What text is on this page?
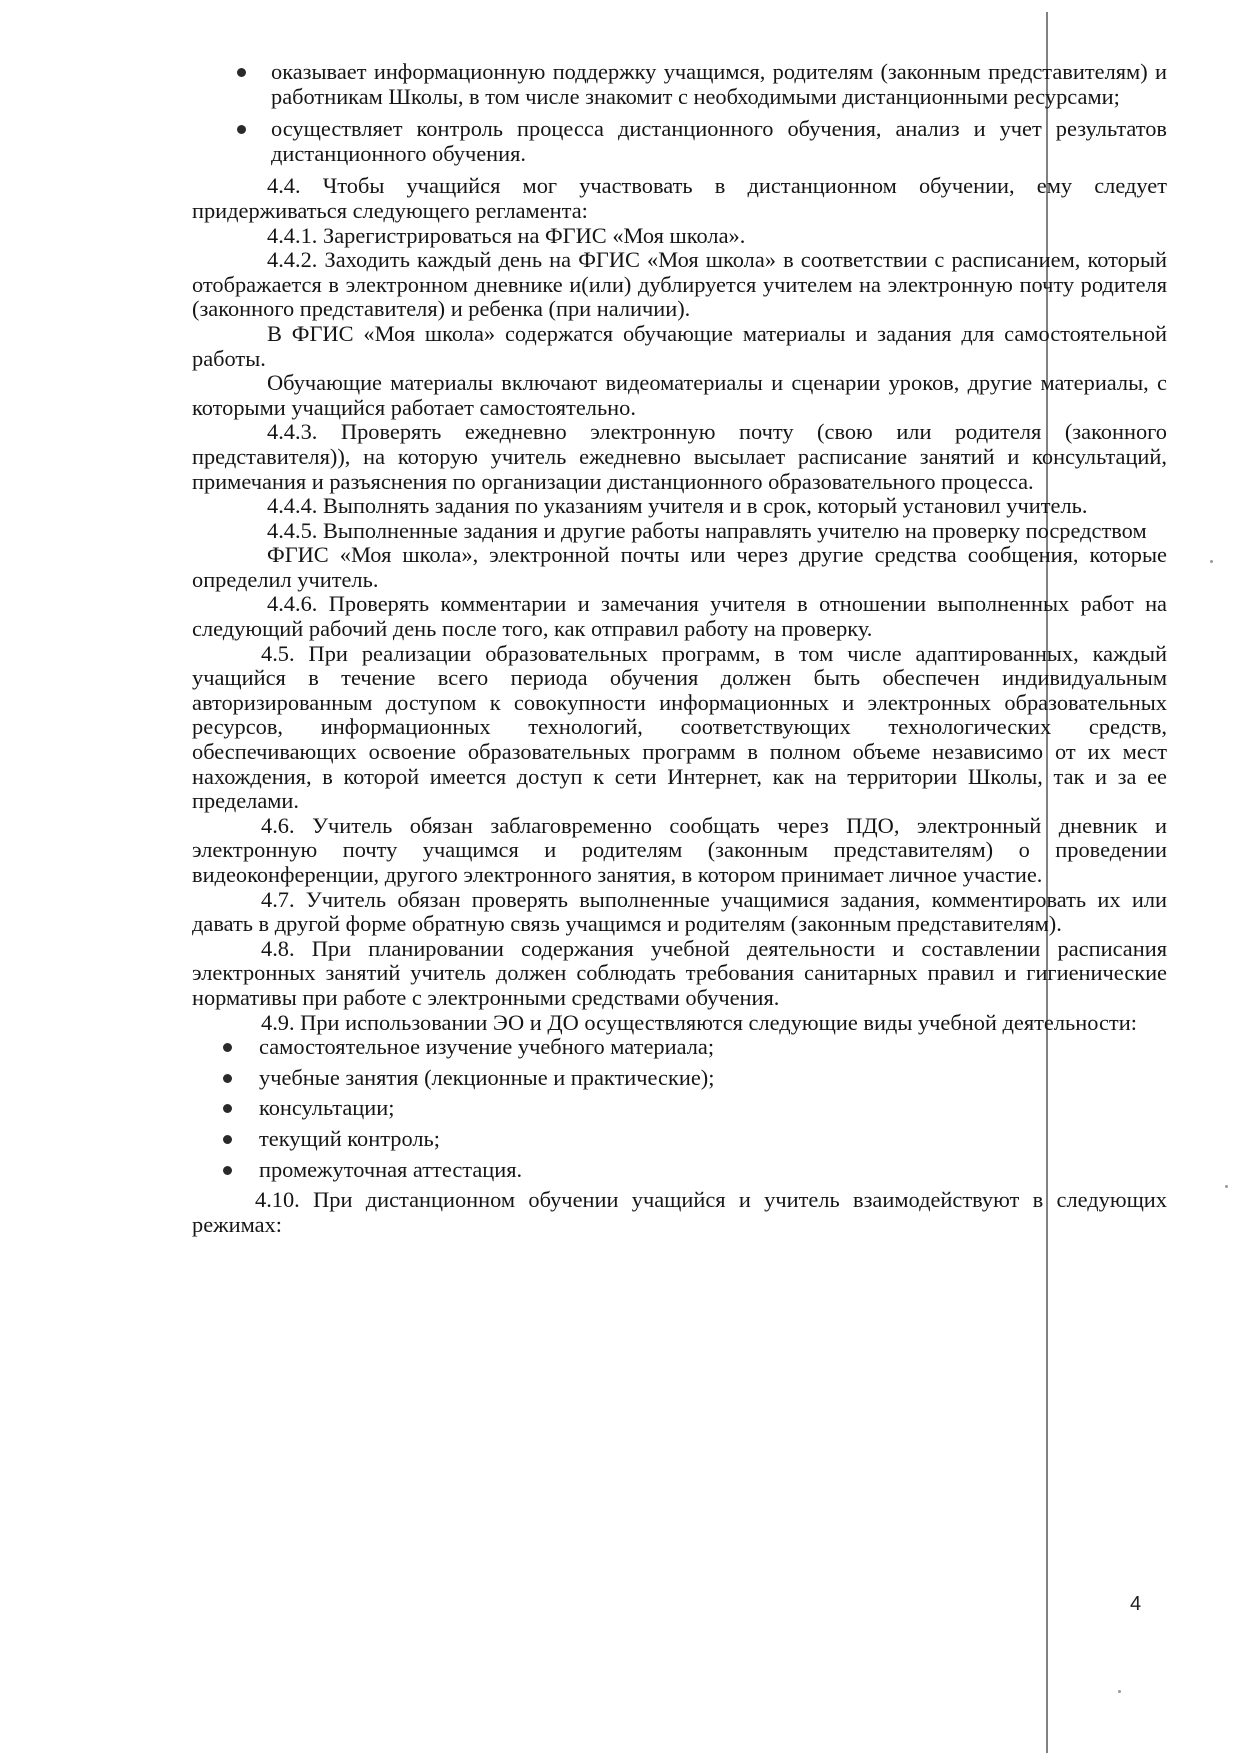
оказывает информационную поддержку учащимся, родителям (законным представителям) и работникам Школы, в том числе знакомит с необходимыми дистанционными ресурсами;
осуществляет контроль процесса дистанционного обучения, анализ и учет результатов дистанционного обучения.

4.4. Чтобы учащийся мог участвовать в дистанционном обучении, ему следует придерживаться следующего регламента:

4.4.1. Зарегистрироваться на ФГИС «Моя школа».

4.4.2. Заходить каждый день на ФГИС «Моя школа» в соответствии с расписанием, который отображается в электронном дневнике и(или) дублируется учителем на электронную почту родителя (законного представителя) и ребенка (при наличии).

В ФГИС «Моя школа» содержатся обучающие материалы и задания для самостоятельной работы.

Обучающие материалы включают видеоматериалы и сценарии уроков, другие материалы, с которыми учащийся работает самостоятельно.

4.4.3. Проверять ежедневно электронную почту (свою или родителя (законного представителя)), на которую учитель ежедневно высылает расписание занятий и консультаций, примечания и разъяснения по организации дистанционного образовательного процесса.

4.4.4. Выполнять задания по указаниям учителя и в срок, который установил учитель.

4.4.5. Выполненные задания и другие работы направлять учителю на проверку посредством

ФГИС «Моя школа», электронной почты или через другие средства сообщения, которые определил учитель.

4.4.6. Проверять комментарии и замечания учителя в отношении выполненных работ на следующий рабочий день после того, как отправил работу на проверку.

4.5. При реализации образовательных программ, в том числе адаптированных, каждый учащийся в течение всего периода обучения должен быть обеспечен индивидуальным авторизированным доступом к совокупности информационных и электронных образовательных ресурсов, информационных технологий, соответствующих технологических средств, обеспечивающих освоение образовательных программ в полном объеме независимо от их мест нахождения, в которой имеется доступ к сети Интернет, как на территории Школы, так и за ее пределами.

4.6. Учитель обязан заблаговременно сообщать через ПДО, электронный дневник и электронную почту учащимся и родителям (законным представителям) о проведении видеоконференции, другого электронного занятия, в котором принимает личное участие.

4.7. Учитель обязан проверять выполненные учащимися задания, комментировать их или давать в другой форме обратную связь учащимся и родителям (законным представителям).

4.8. При планировании содержания учебной деятельности и составлении расписания электронных занятий учитель должен соблюдать требования санитарных правил и гигиенические нормативы при работе с электронными средствами обучения.

4.9. При использовании ЭО и ДО осуществляются следующие виды учебной деятельности:

самостоятельное изучение учебного материала;
учебные занятия (лекционные и практические);
консультации;
текущий контроль;
промежуточная аттестация.

4.10. При дистанционном обучении учащийся и учитель взаимодействуют в следующих режимах:

4
